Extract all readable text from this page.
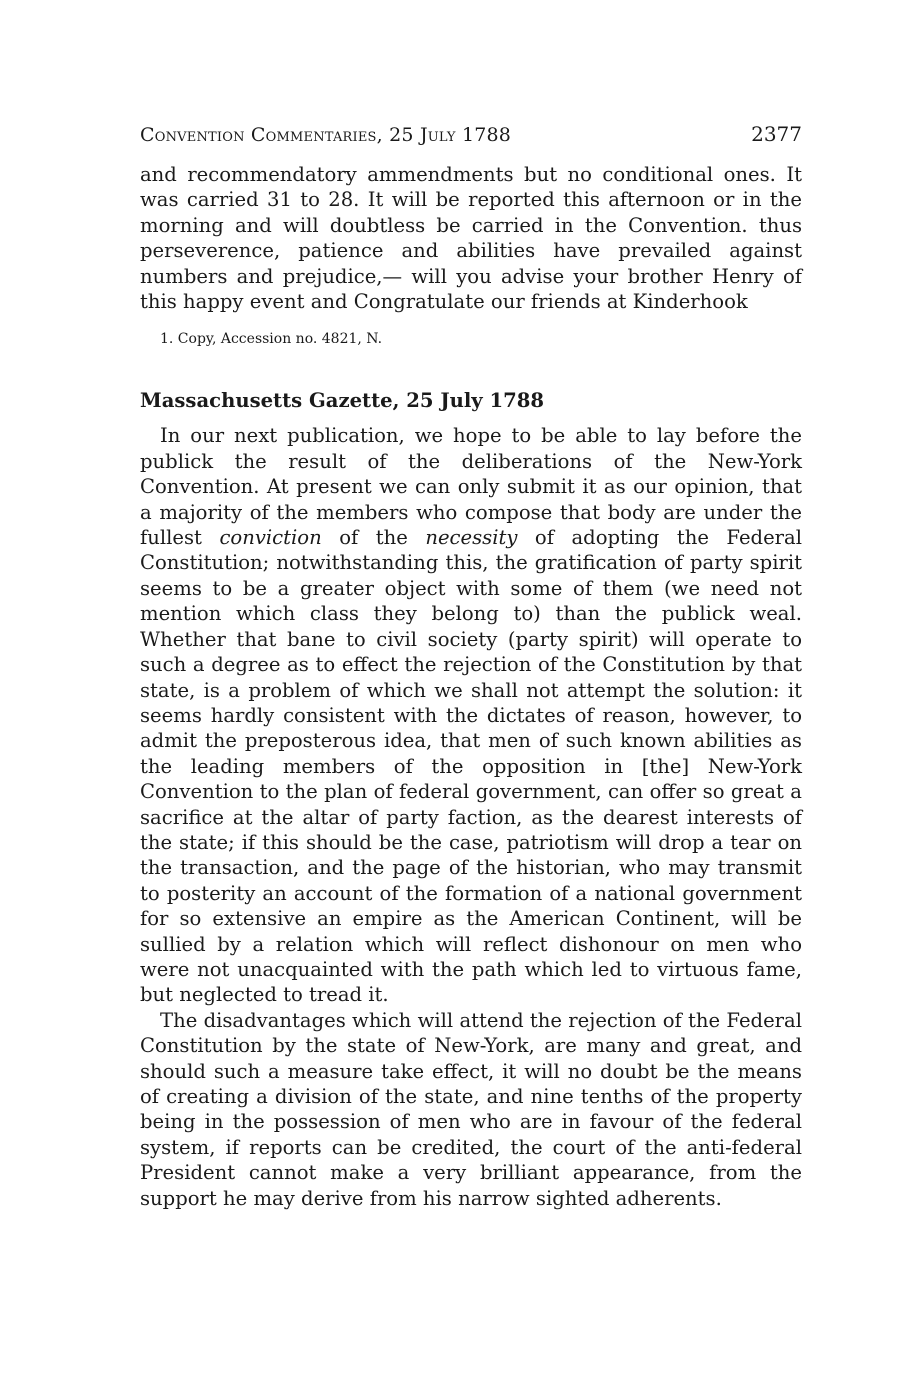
Convention Commentaries, 25 July 1788	2377

and recommendatory ammendments but no conditional ones. It was carried 31 to 28. It will be reported this afternoon or in the morning and will doubtless be carried in the Convention. thus perseverence, patience and abilities have prevailed against numbers and prejudice,— will you advise your brother Henry of this happy event and Congratulate our friends at Kinderhook

1. Copy, Accession no. 4821, N.

Massachusetts Gazette, 25 July 1788

In our next publication, we hope to be able to lay before the publick the result of the deliberations of the New-York Convention. At present we can only submit it as our opinion, that a majority of the members who compose that body are under the fullest conviction of the necessity of adopting the Federal Constitution; notwithstanding this, the gratification of party spirit seems to be a greater object with some of them (we need not mention which class they belong to) than the publick weal. Whether that bane to civil society (party spirit) will operate to such a degree as to effect the rejection of the Constitution by that state, is a problem of which we shall not attempt the solution: it seems hardly consistent with the dictates of reason, however, to admit the preposterous idea, that men of such known abilities as the leading members of the opposition in [the] New-York Convention to the plan of federal government, can offer so great a sacrifice at the altar of party faction, as the dearest interests of the state; if this should be the case, patriotism will drop a tear on the transaction, and the page of the historian, who may transmit to posterity an account of the formation of a national government for so extensive an empire as the American Continent, will be sullied by a relation which will reflect dishonour on men who were not unacquainted with the path which led to virtuous fame, but neglected to tread it.

The disadvantages which will attend the rejection of the Federal Constitution by the state of New-York, are many and great, and should such a measure take effect, it will no doubt be the means of creating a division of the state, and nine tenths of the property being in the possession of men who are in favour of the federal system, if reports can be credited, the court of the anti-federal President cannot make a very brilliant appearance, from the support he may derive from his narrow sighted adherents.
